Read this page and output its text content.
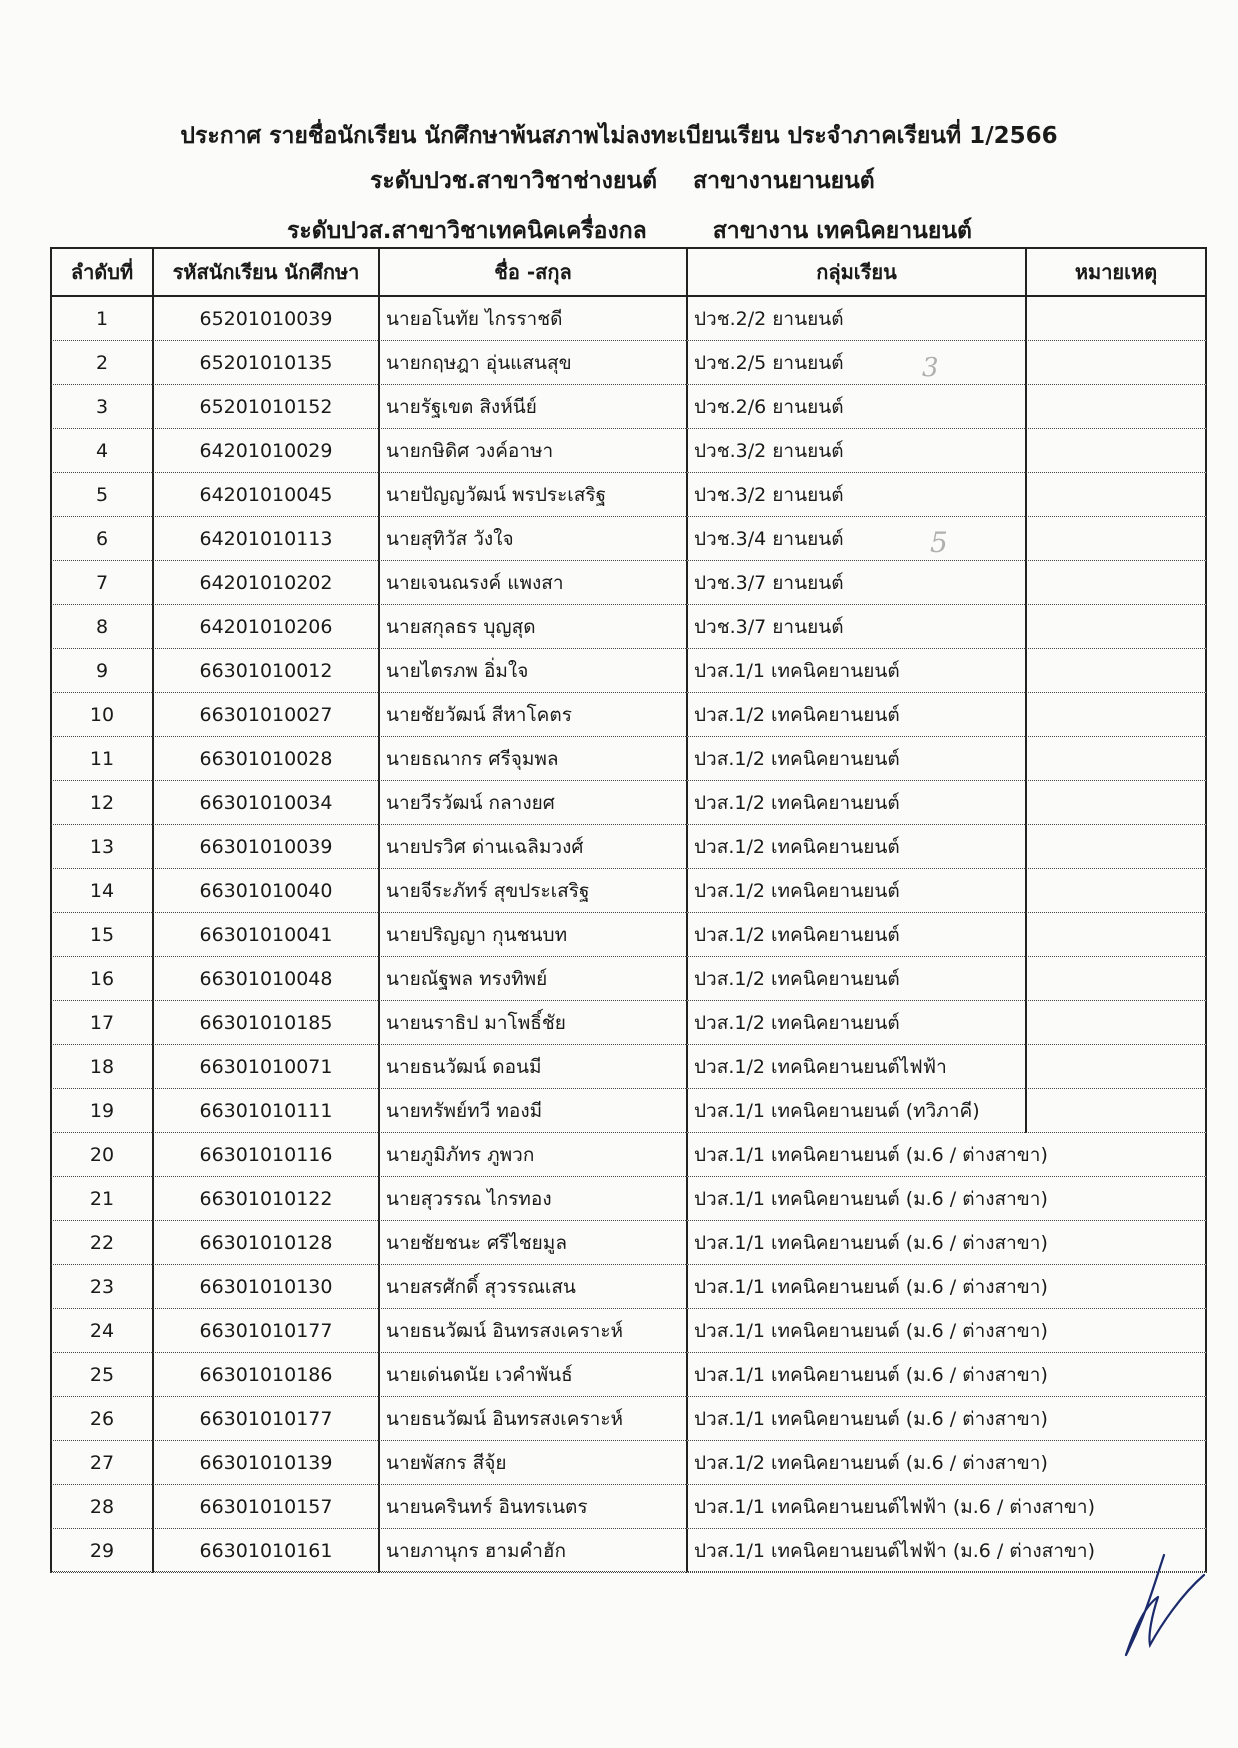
ประกาศ รายชื่อนักเรียน นักศึกษาพ้นสภาพไม่ลงทะเบียนเรียน ประจำภาคเรียนที่ 1/2566
ระดับปวช.สาขาวิชาช่างยนต์ สาขางานยานยนต์
ระดับปวส.สาขาวิชาเทคนิคเครื่องกล	สาขางาน เทคนิคยานยนต์
ลำดับที่	รหัสนักเรียน นักศึกษา	ชื่อ -สกุล	กลุ่มเรียน	หมายเหตุ
1	65201010039	นายอโนทัย ไกรราชดี	ปวช.2/2 ยานยนต์
2	65201010135	นายกฤษฎา อุ่นแสนสุข	ปวช.2/5 ยานยนต์
3	65201010152	นายรัฐเขต สิงห์นีย์	ปวช.2/6 ยานยนต์
4	64201010029	นายกษิดิศ วงค์อาษา	ปวช.3/2 ยานยนต์
5	64201010045	นายปัญญวัฒน์ พรประเสริฐ	ปวช.3/2 ยานยนต์
6	64201010113	นายสุทิวัส วังใจ	ปวช.3/4 ยานยนต์
7	64201010202	นายเจนณรงค์ แพงสา	ปวช.3/7 ยานยนต์
8	64201010206	นายสกุลธร บุญสุด	ปวช.3/7 ยานยนต์
9	66301010012	นายไตรภพ อิ่มใจ	ปวส.1/1 เทคนิคยานยนต์
10	66301010027	นายชัยวัฒน์ สีหาโคตร	ปวส.1/2 เทคนิคยานยนต์
11	66301010028	นายธณากร ศรีจุมพล	ปวส.1/2 เทคนิคยานยนต์
12	66301010034	นายวีรวัฒน์ กลางยศ	ปวส.1/2 เทคนิคยานยนต์
13	66301010039	นายปรวิศ ด่านเฉลิมวงศ์	ปวส.1/2 เทคนิคยานยนต์
14	66301010040	นายจีระภัทร์ สุขประเสริฐ	ปวส.1/2 เทคนิคยานยนต์
15	66301010041	นายปริญญา กุนชนบท	ปวส.1/2 เทคนิคยานยนต์
16	66301010048	นายณัฐพล ทรงทิพย์	ปวส.1/2 เทคนิคยานยนต์
17	66301010185	นายนราธิป มาโพธิ์ชัย	ปวส.1/2 เทคนิคยานยนต์
18	66301010071	นายธนวัฒน์ ดอนมี	ปวส.1/2 เทคนิคยานยนต์ไฟฟ้า
19	66301010111	นายทรัพย์ทวี ทองมี	ปวส.1/1 เทคนิคยานยนต์ (ทวิภาคี)
20	66301010116	นายภูมิภัทร ภูพวก	ปวส.1/1 เทคนิคยานยนต์ (ม.6 / ต่างสาขา)
21	66301010122	นายสุวรรณ ไกรทอง	ปวส.1/1 เทคนิคยานยนต์ (ม.6 / ต่างสาขา)
22	66301010128	นายชัยชนะ ศรีไชยมูล	ปวส.1/1 เทคนิคยานยนต์ (ม.6 / ต่างสาขา)
23	66301010130	นายสรศักดิ์ สุวรรณเสน	ปวส.1/1 เทคนิคยานยนต์ (ม.6 / ต่างสาขา)
24	66301010177	นายธนวัฒน์ อินทรสงเคราะห์	ปวส.1/1 เทคนิคยานยนต์ (ม.6 / ต่างสาขา)
25	66301010186	นายเด่นดนัย เวคำพันธ์	ปวส.1/1 เทคนิคยานยนต์ (ม.6 / ต่างสาขา)
26	66301010177	นายธนวัฒน์ อินทรสงเคราะห์	ปวส.1/1 เทคนิคยานยนต์ (ม.6 / ต่างสาขา)
27	66301010139	นายพัสกร สีจุ้ย	ปวส.1/2 เทคนิคยานยนต์ (ม.6 / ต่างสาขา)
28	66301010157	นายนครินทร์ อินทรเนตร	ปวส.1/1 เทคนิคยานยนต์ไฟฟ้า (ม.6 / ต่างสาขา)
29	66301010161	นายภานุกร ฮามคำฮัก	ปวส.1/1 เทคนิคยานยนต์ไฟฟ้า (ม.6 / ต่างสาขา)
3
5
